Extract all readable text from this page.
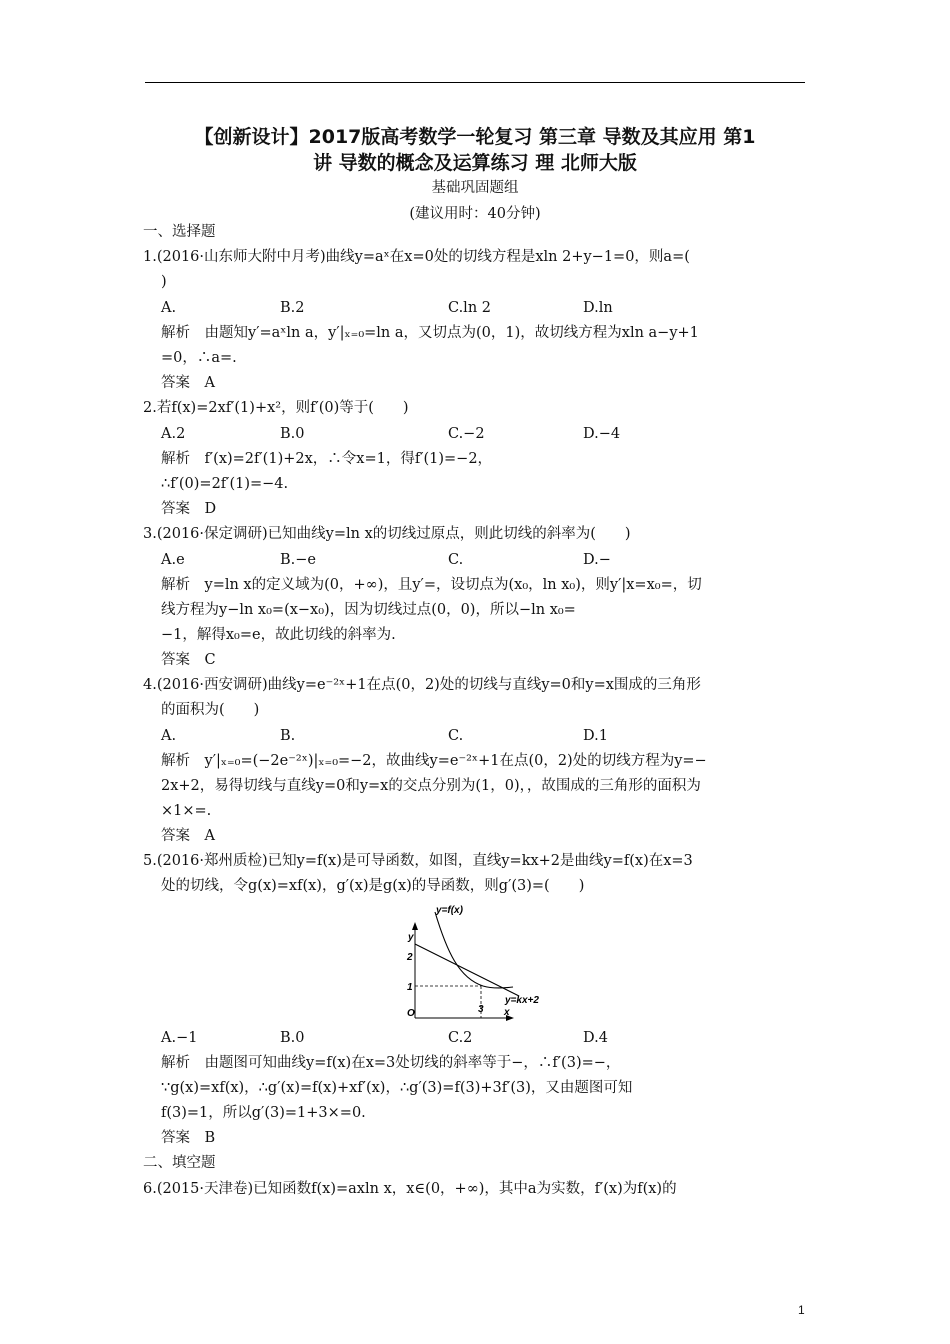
【创新设计】2017版高考数学一轮复习 第三章 导数及其应用 第1
讲 导数的概念及运算练习 理 北师大版
基础巩固题组
(建议用时：40分钟)
一、选择题
1.(2016·山东师大附中月考)曲线y=aˣ在x=0处的切线方程是xln 2+y−1=0，则a=(
)
A.	B.2	C.ln 2	D.ln
解析　由题知y′=aˣln a，y′|ₓ₌₀=ln a，又切点为(0，1)，故切线方程为xln a−y+1
=0，∴a=.
答案　A
2.若f(x)=2xf′(1)+x²，则f′(0)等于(　　)
A.2	B.0	C.−2	D.−4
解析　f′(x)=2f′(1)+2x，∴令x=1，得f′(1)=−2，
∴f′(0)=2f′(1)=−4.
答案　D
3.(2016·保定调研)已知曲线y=ln x的切线过原点，则此切线的斜率为(　　)
A.e	B.−e	C.	D.−
解析　y=ln x的定义域为(0，+∞)，且y′=，设切点为(x₀，ln x₀)，则y′|x=x₀=，切
线方程为y−ln x₀=(x−x₀)，因为切线过点(0，0)，所以−ln x₀=
−1，解得x₀=e，故此切线的斜率为.
答案　C
4.(2016·西安调研)曲线y=e⁻²ˣ+1在点(0，2)处的切线与直线y=0和y=x围成的三角形
的面积为(　　)
A.	B.	C.	D.1
解析　y′|ₓ₌₀=(−2e⁻²ˣ)|ₓ₌₀=−2，故曲线y=e⁻²ˣ+1在点(0，2)处的切线方程为y=−
2x+2，易得切线与直线y=0和y=x的交点分别为(1，0)，，故围成的三角形的面积为
×1×=.
答案　A
5.(2016·郑州质检)已知y=f(x)是可导函数，如图，直线y=kx+2是曲线y=f(x)在x=3
处的切线，令g(x)=xf(x)，g′(x)是g(x)的导函数，则g′(3)=(　　)
y=f(x)
y
2
1
O	3
y=kx+2
x
A.−1	B.0	C.2	D.4
解析　由题图可知曲线y=f(x)在x=3处切线的斜率等于−，∴f′(3)=−，
∵g(x)=xf(x)，∴g′(x)=f(x)+xf′(x)，∴g′(3)=f(3)+3f′(3)，又由题图可知
f(3)=1，所以g′(3)=1+3×=0.
答案　B
二、填空题
6.(2015·天津卷)已知函数f(x)=axln x，x∈(0，+∞)，其中a为实数，f′(x)为f(x)的
1
